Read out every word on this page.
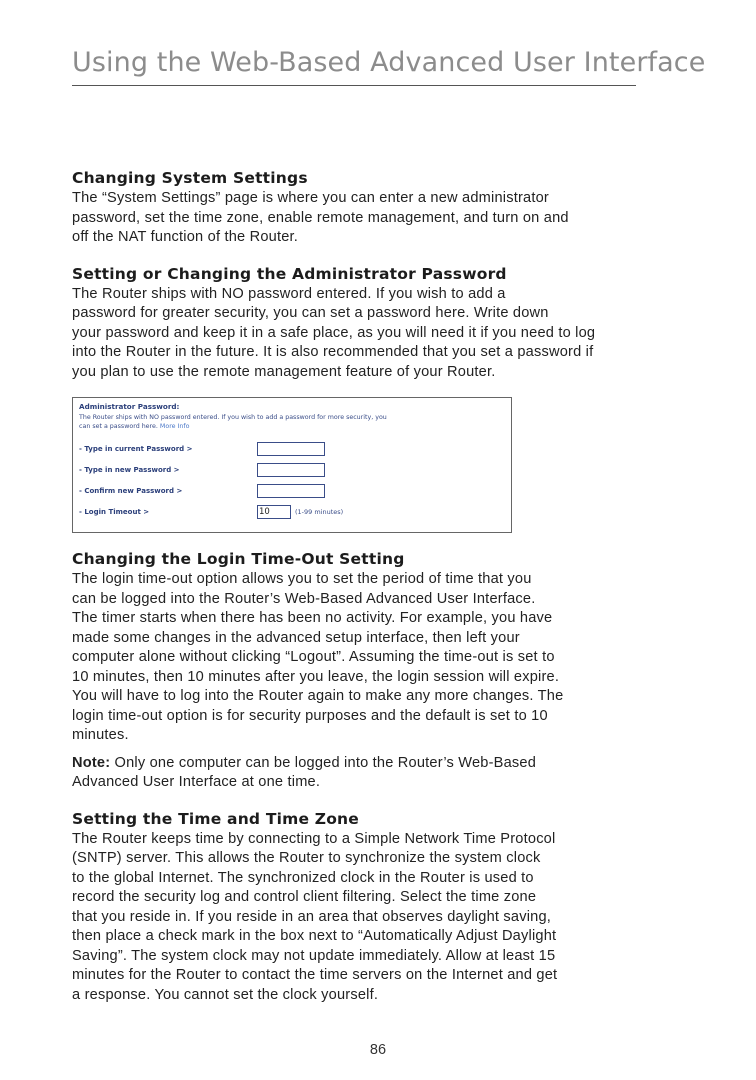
Using the Web-Based Advanced User Interface
Changing System Settings

The “System Settings” page is where you can enter a new administrator
password, set the time zone, enable remote management, and turn on and
off the NAT function of the Router.

Setting or Changing the Administrator Password

The Router ships with NO password entered. If you wish to add a
password for greater security, you can set a password here. Write down
your password and keep it in a safe place, as you will need it if you need to log
into the Router in the future. It is also recommended that you set a password if
you plan to use the remote management feature of your Router.

Administrator Password:
The Router ships with NO password entered. If you wish to add a password for more security, you
can set a password here. More Info
- Type in current Password >
- Type in new Password >
- Confirm new Password >
- Login Timeout >	10	(1-99 minutes)
Changing the Login Time-Out Setting

The login time-out option allows you to set the period of time that you
can be logged into the Router’s Web-Based Advanced User Interface.
The timer starts when there has been no activity. For example, you have
made some changes in the advanced setup interface, then left your
computer alone without clicking “Logout”. Assuming the time-out is set to
10 minutes, then 10 minutes after you leave, the login session will expire.
You will have to log into the Router again to make any more changes. The
login time-out option is for security purposes and the default is set to 10
minutes.

Note: Only one computer can be logged into the Router’s Web-Based
Advanced User Interface at one time.

Setting the Time and Time Zone

The Router keeps time by connecting to a Simple Network Time Protocol
(SNTP) server. This allows the Router to synchronize the system clock
to the global Internet. The synchronized clock in the Router is used to
record the security log and control client filtering. Select the time zone
that you reside in. If you reside in an area that observes daylight saving,
then place a check mark in the box next to “Automatically Adjust Daylight
Saving”. The system clock may not update immediately. Allow at least 15
minutes for the Router to contact the time servers on the Internet and get
a response. You cannot set the clock yourself.

86
